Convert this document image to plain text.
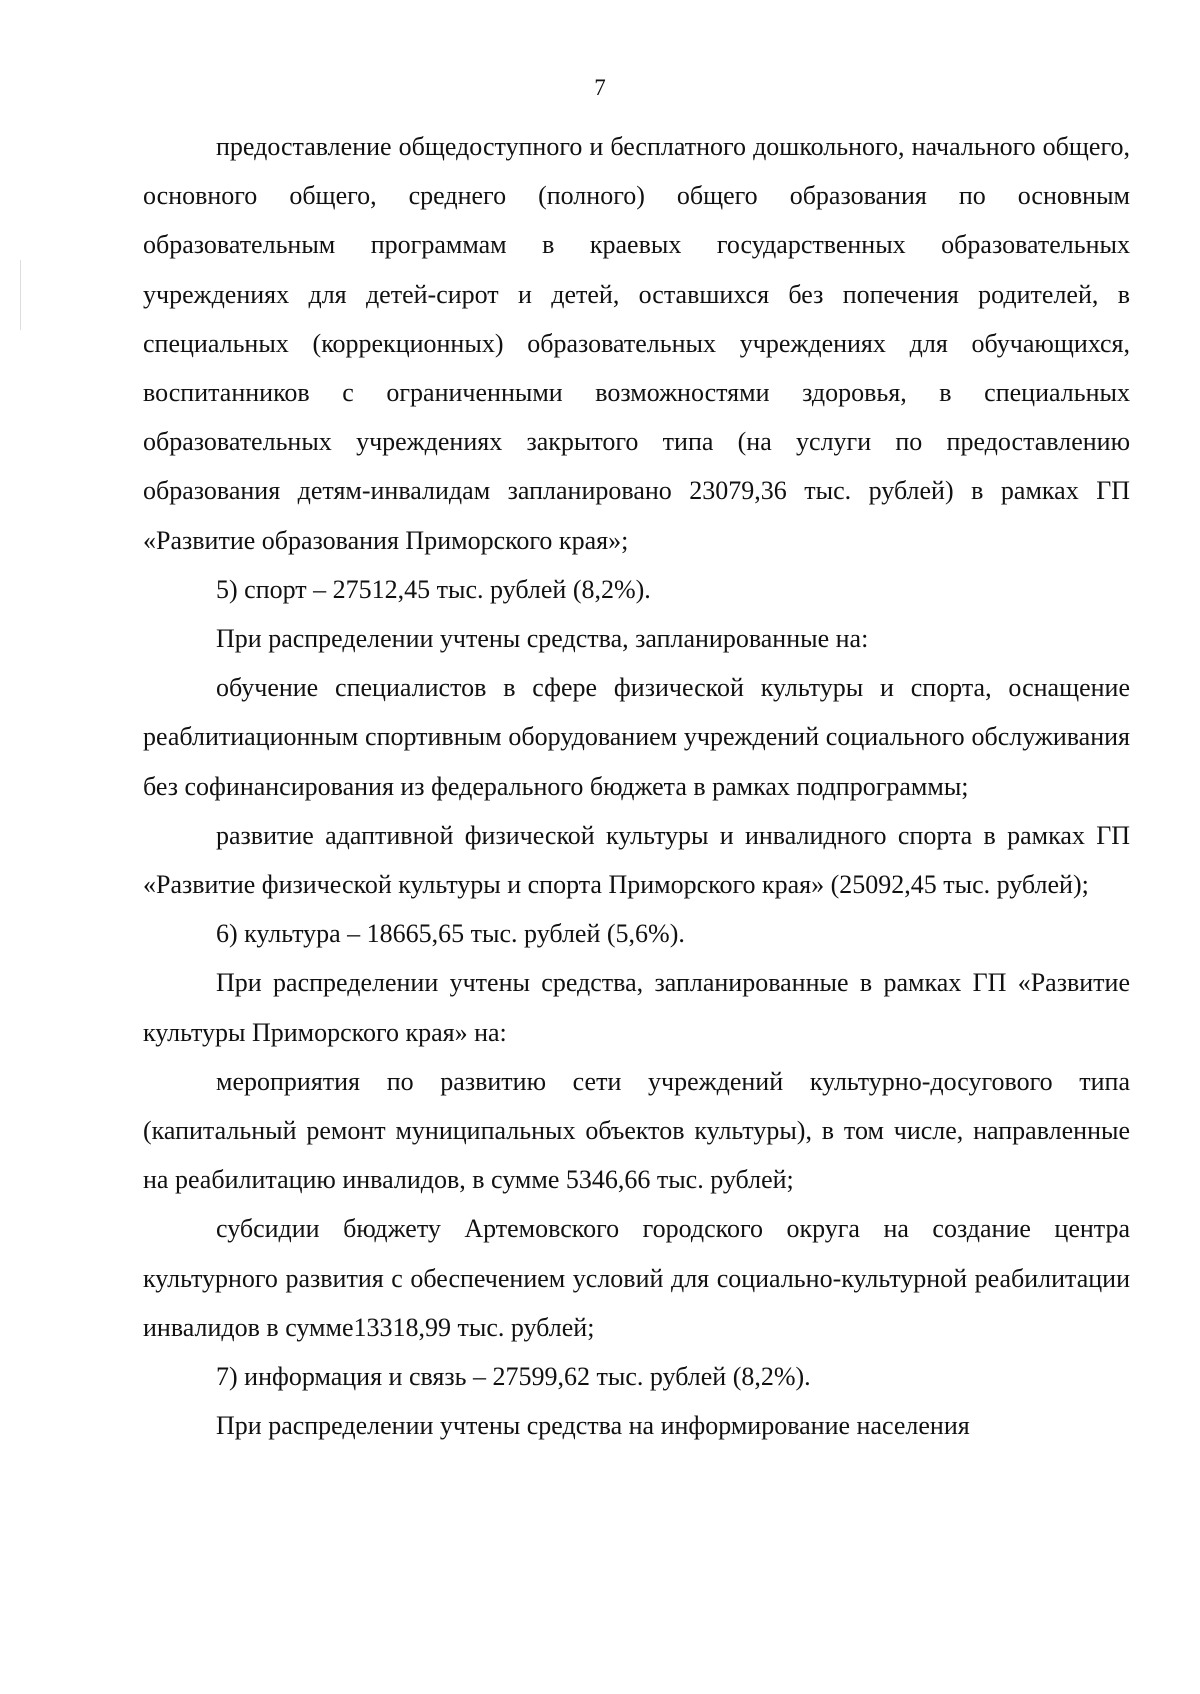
7

предоставление общедоступного и бесплатного дошкольного, начального общего, основного общего, среднего (полного) общего образования по основным образовательным программам в краевых государственных образовательных учреждениях для детей-сирот и детей, оставшихся без попечения родителей, в специальных (коррекционных) образовательных учреждениях для обучающихся, воспитанников с ограниченными возможностями здоровья, в специальных образовательных учреждениях закрытого типа (на услуги по предоставлению образования детям-инвалидам запланировано 23079,36 тыс. рублей) в рамках ГП «Развитие образования Приморского края»;

5) спорт – 27512,45 тыс. рублей (8,2%).

При распределении учтены средства, запланированные на:

обучение специалистов в сфере физической культуры и спорта, оснащение реаблитиационным спортивным оборудованием учреждений социального обслуживания без софинансирования из федерального бюджета в рамках подпрограммы;

развитие адаптивной физической культуры и инвалидного спорта в рамках ГП «Развитие физической культуры и спорта Приморского края» (25092,45 тыс. рублей);

6) культура – 18665,65 тыс. рублей (5,6%).

При распределении учтены средства, запланированные в рамках ГП «Развитие культуры Приморского края» на:

мероприятия по развитию сети учреждений культурно-досугового типа (капитальный ремонт муниципальных объектов культуры), в том числе, направленные на реабилитацию инвалидов, в сумме 5346,66 тыс. рублей;

субсидии бюджету Артемовского городского округа на создание центра культурного развития с обеспечением условий для социально-культурной реабилитации инвалидов в сумме13318,99 тыс. рублей;

7) информация и связь – 27599,62 тыс. рублей (8,2%).

При распределении учтены средства на информирование населения
